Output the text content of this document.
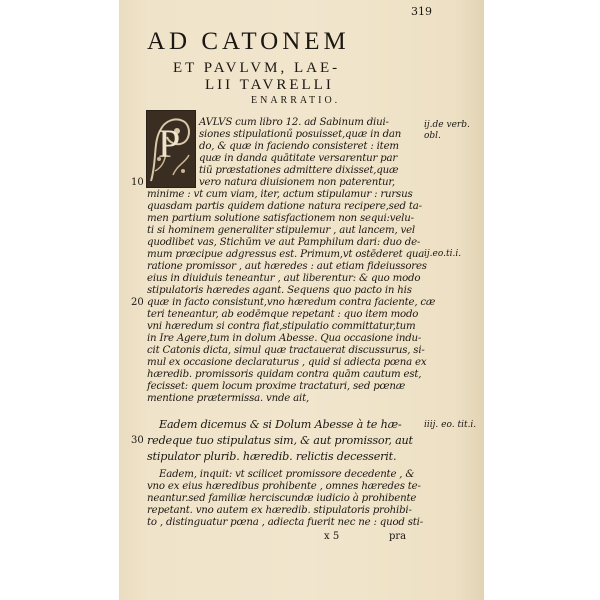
319
AD CATONEM
ET PAVLVM, LAE-
LII TAVRELLI
ENARRATIO.
P AVLVS cum libro 12. ad Sabinum diui-
siones stipulationű posuisset,quæ in dan
do, & quæ in faciendo consisteret : item
quæ in danda quātitate versarentur par
tiū præstationes admittere dixisset,quæ
vero natura diuisionem non paterentur,
minime : vt cum viam, iter, actum stipulamur : rursus
quasdam partis quidem datione natura recipere,sed ta-
men partium solutione satisfactionem non sequi:velu-
ti si hominem generaliter stipulemur , aut lancem, vel
quodlibet vas, Stichūm ve aut Pamphilum dari: duo de-
mum præcipue adgressus est. Primum,vt ostēderet qua
ratione promissor , aut hæredes : aut etiam fideiussores
eius in diuiduis teneantur , aut liberentur: & quo modo
stipulatoris hæredes agant. Sequens quo pacto in his
quæ in facto consistunt,vno hæredum contra faciente, cæ
teri teneantur, ab eodēmque repetant : quo item modo
vni hæredum si contra fiat,stipulatio committatur,tum
in Ire Agere,tum in dolum Abesse. Qua occasione indu-
cit Catonis dicta, simul quæ tractauerat discussurus, si-
mul ex occasione declaraturus , quid si adiecta pœna ex
hæredib. promissoris quidam contra quām cautum est,
fecisset: quem locum proxime tractaturi, sed pœnæ
mentione prætermissa. vnde ait,
Eadem dicemus & si Dolum Abesse à te hæ-
redeque tuo stipulatus sim, & aut promissor, aut
stipulator plurib. hæredib. relictis decesserit.
Eadem, inquit: vt scilicet promissore decedente , &
vno ex eius hæredibus prohibente , omnes hæredes te-
neantur.sed familiæ herciscundæ iudicio à prohibente
repetant. vno autem ex hæredib. stipulatoris prohibi-
to , distinguatur pœna , adiecta fuerit nec ne : quod sti-
10
20
30
ij.de verb. obl.
ij.eo.ti.i.
iiij. eo. tit.i.
x 5	pra
